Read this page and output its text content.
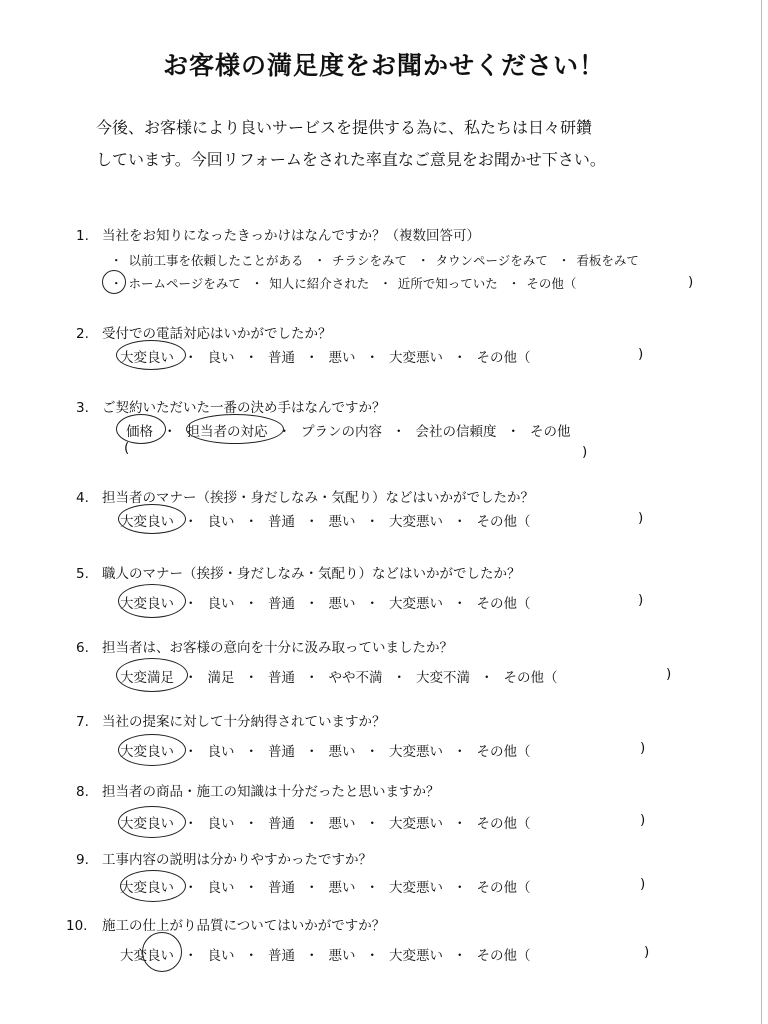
お客様の満足度をお聞かせください！
今後、お客様により良いサービスを提供する為に、私たちは日々研鑽
しています。今回リフォームをされた率直なご意見をお聞かせ下さい。
1. 当社をお知りになったきっかけはなんですか？（複数回答可）
・ 以前工事を依頼したことがある ・ チラシをみて ・ タウンページをみて ・ 看板をみて
・ ホームページをみて ・ 知人に紹介された ・ 近所で知っていた ・ その他（	)
2. 受付での電話対応はいかがでしたか？
大変良い ・ 良い ・ 普通 ・ 悪い ・ 大変悪い ・ その他（	)
3. ご契約いただいた一番の決め手はなんですか？
価格 ・ 担当者の対応 ・ プランの内容 ・ 会社の信頼度 ・ その他
(	)
4. 担当者のマナー（挨拶・身だしなみ・気配り）などはいかがでしたか？
大変良い ・ 良い ・ 普通 ・ 悪い ・ 大変悪い ・ その他（	)
5. 職人のマナー（挨拶・身だしなみ・気配り）などはいかがでしたか？
大変良い ・ 良い ・ 普通 ・ 悪い ・ 大変悪い ・ その他（	)
6. 担当者は、お客様の意向を十分に汲み取っていましたか？
大変満足 ・ 満足 ・ 普通 ・ やや不満 ・ 大変不満 ・ その他（	)
7. 当社の提案に対して十分納得されていますか？
大変良い ・ 良い ・ 普通 ・ 悪い ・ 大変悪い ・ その他（	)
8. 担当者の商品・施工の知識は十分だったと思いますか？
大変良い ・ 良い ・ 普通 ・ 悪い ・ 大変悪い ・ その他（	)
9. 工事内容の説明は分かりやすかったですか？
大変良い ・ 良い ・ 普通 ・ 悪い ・ 大変悪い ・ その他（	)
10. 施工の仕上がり品質についてはいかがですか？
大変良い ・ 良い ・ 普通 ・ 悪い ・ 大変悪い ・ その他（	)
